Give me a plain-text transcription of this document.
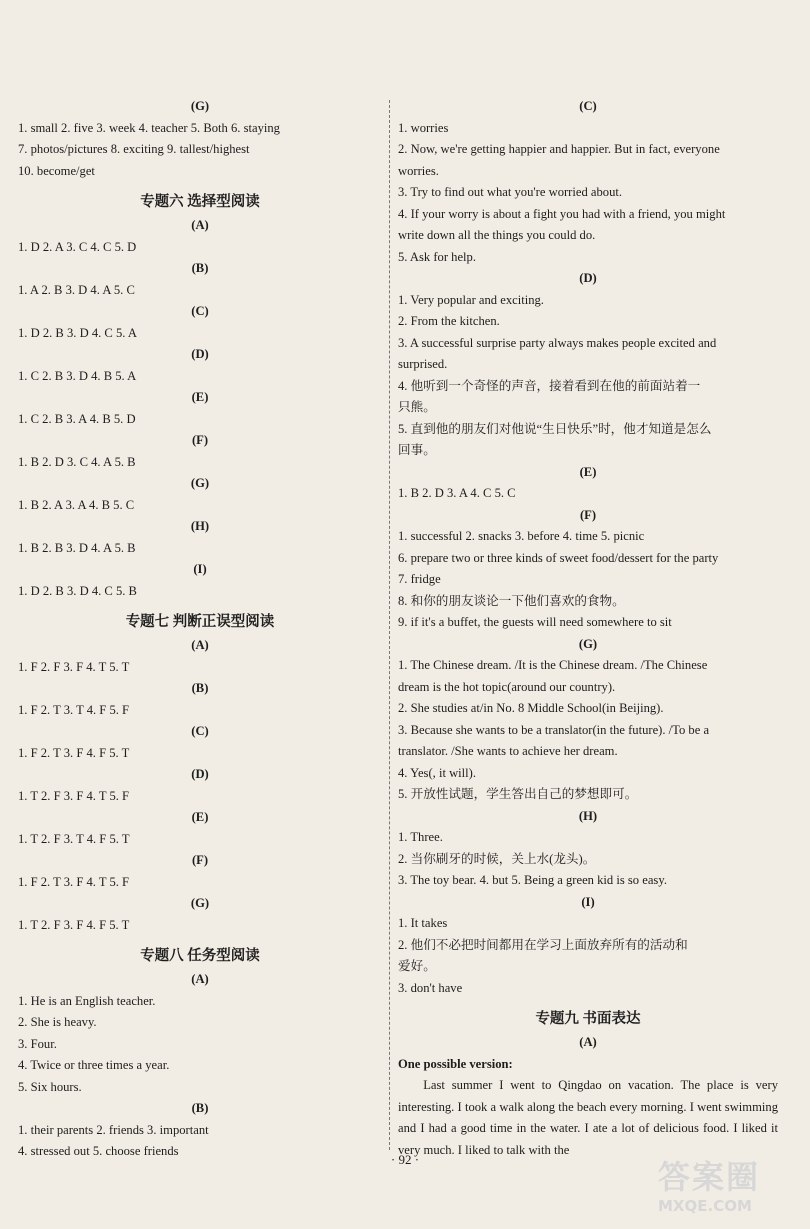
(G)
1. small 2. five 3. week 4. teacher 5. Both 6. staying
7. photos/pictures 8. exciting 9. tallest/highest
10. become/get
专题六 选择型阅读
(A)
1. D 2. A 3. C 4. C 5. D
(B)
1. A 2. B 3. D 4. A 5. C
(C)
1. D 2. B 3. D 4. C 5. A
(D)
1. C 2. B 3. D 4. B 5. A
(E)
1. C 2. B 3. A 4. B 5. D
(F)
1. B 2. D 3. C 4. A 5. B
(G)
1. B 2. A 3. A 4. B 5. C
(H)
1. B 2. B 3. D 4. A 5. B
(I)
1. D 2. B 3. D 4. C 5. B
专题七 判断正误型阅读
(A)
1. F 2. F 3. F 4. T 5. T
(B)
1. F 2. T 3. T 4. F 5. F
(C)
1. F 2. T 3. F 4. F 5. T
(D)
1. T 2. F 3. F 4. T 5. F
(E)
1. T 2. F 3. T 4. F 5. T
(F)
1. F 2. T 3. F 4. T 5. F
(G)
1. T 2. F 3. F 4. F 5. T
专题八 任务型阅读
(A)
1. He is an English teacher.
2. She is heavy.
3. Four.
4. Twice or three times a year.
5. Six hours.
(B)
1. their parents 2. friends 3. important
4. stressed out 5. choose friends
(C)
1. worries
2. Now, we're getting happier and happier. But in fact, everyone
worries.
3. Try to find out what you're worried about.
4. If your worry is about a fight you had with a friend, you might
write down all the things you could do.
5. Ask for help.
(D)
1. Very popular and exciting.
2. From the kitchen.
3. A successful surprise party always makes people excited and
surprised.
4. 他听到一个奇怪的声音，接着看到在他的前面站着一
只熊。
5. 直到他的朋友们对他说“生日快乐”时，他才知道是怎么
回事。
(E)
1. B 2. D 3. A 4. C 5. C
(F)
1. successful 2. snacks 3. before 4. time 5. picnic
6. prepare two or three kinds of sweet food/dessert for the party
7. fridge
8. 和你的朋友谈论一下他们喜欢的食物。
9. if it's a buffet, the guests will need somewhere to sit
(G)
1. The Chinese dream. /It is the Chinese dream. /The Chinese
dream is the hot topic(around our country).
2. She studies at/in No. 8 Middle School(in Beijing).
3. Because she wants to be a translator(in the future). /To be a
translator. /She wants to achieve her dream.
4. Yes(, it will).
5. 开放性试题，学生答出自己的梦想即可。
(H)
1. Three.
2. 当你刷牙的时候，关上水(龙头)。
3. The toy bear. 4. but 5. Being a green kid is so easy.
(I)
1. It takes
2. 他们不必把时间都用在学习上面放弃所有的活动和
爱好。
3. don't have
专题九 书面表达
(A)
One possible version:
Last summer I went to Qingdao on vacation. The place is very interesting. I took a walk along the beach every morning. I went swimming and I had a good time in the water. I ate a lot of delicious food. I liked it very much. I liked to talk with the
· 92 ·	答案圈
MXQE.COM
